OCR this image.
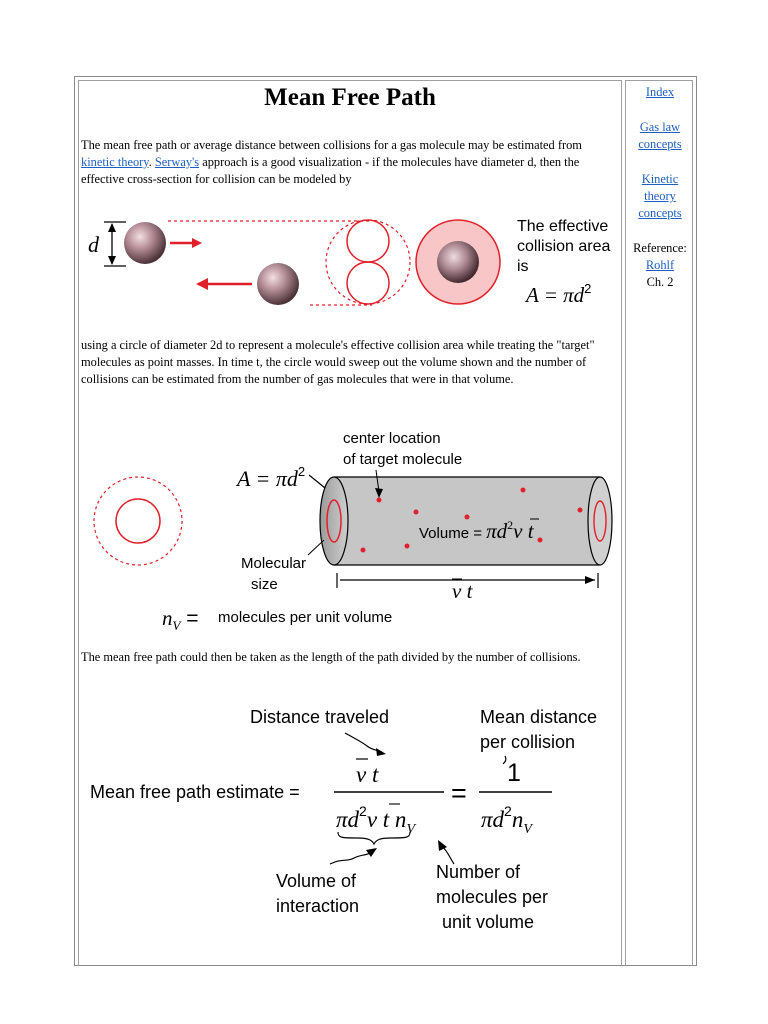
Mean Free Path

The mean free path or average distance between collisions for a gas molecule may be estimated from kinetic theory. Serway's approach is a good visualization - if the molecules have diameter d, then the effective cross-section for collision can be modeled by

d
The effective
collision area
is
$A = \pi d^2$

using a circle of diameter 2d to represent a molecule's effective collision area while treating the "target" molecules as point masses. In time t, the circle would sweep out the volume shown and the number of collisions can be estimated from the number of gas molecules that were in that volume.

$A = \pi d^2$
center location
of target molecule
Volume = $\pi d^2v$ t
Molecular
size	v t
$n_V$ = molecules per unit volume

The mean free path could then be taken as the length of the path divided by the number of collisions.

Distance traveled	Mean distance
per collision
Mean free path estimate =
v t
$\pi d^2v$ t $n_V$
=
1
$\pi d^2n_V$
Volume of
interaction
Number of
molecules per
unit volume
Index
Gas law
concepts
Kinetic
theory
concepts
Reference:
Rohlf
Ch. 2
